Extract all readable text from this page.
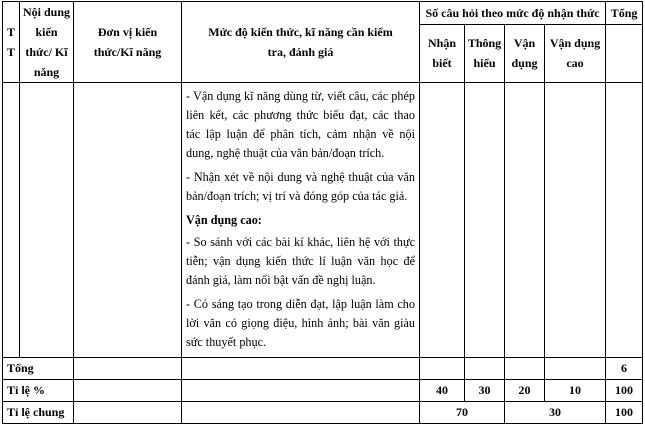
T T	Nội dung kiến thức/ Kĩ năng	Đơn vị kiến thức/Kĩ năng	Mức độ kiến thức, kĩ năng cần kiểm tra, đánh giá	Số câu hỏi theo mức độ nhận thức				Tổng
				Nhận biết	Thông hiểu	Vận dụng	Vận dụng cao	

			- Vận dụng kĩ năng dùng từ, viết câu, các phép liên kết, các phương thức biểu đạt, các thao tác lập luận để phân tích, cảm nhận về nội dung, nghệ thuật của văn bản/đoạn trích.

- Nhận xét về nội dung và nghệ thuật của văn bản/đoạn trích; vị trí và đóng góp của tác giả.

Vận dụng cao:

- So sánh với các bài kí khác, liên hệ với thực tiễn; vận dụng kiến thức lí luận văn học để đánh giá, làm nổi bật vấn đề nghị luận.

- Có sáng tạo trong diễn đạt, lập luận làm cho lời văn có giọng điệu, hình ảnh; bài văn giàu sức thuyết phục.					

Tổng								6
Tỉ lệ %				40	30	20	10	100
Tỉ lệ chung				70		30		100
